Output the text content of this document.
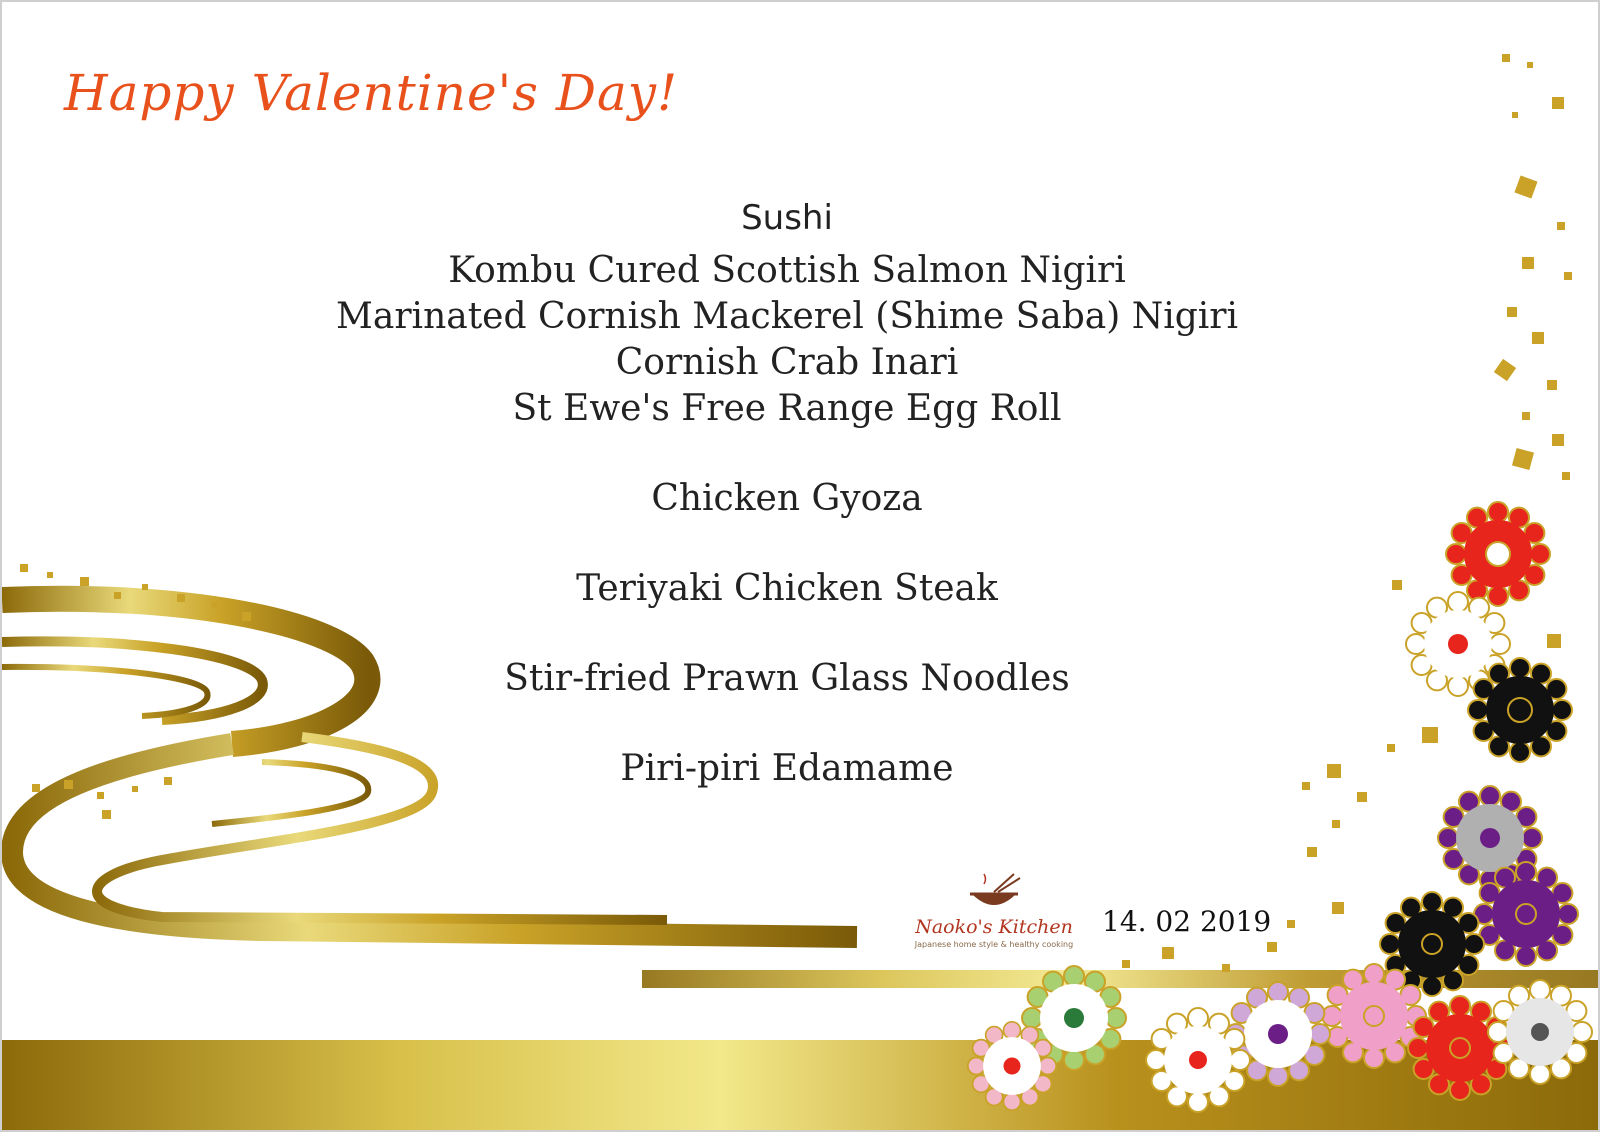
Happy Valentine's Day!
Sushi
Kombu Cured Scottish Salmon Nigiri
Marinated Cornish Mackerel (Shime Saba) Nigiri
Cornish Crab Inari
St Ewe's Free Range Egg Roll
Chicken Gyoza
Teriyaki Chicken Steak
Stir-fried Prawn Glass Noodles
Piri-piri Edamame
Naoko's Kitchen
Japanese home style & healthy cooking
14. 02 2019
